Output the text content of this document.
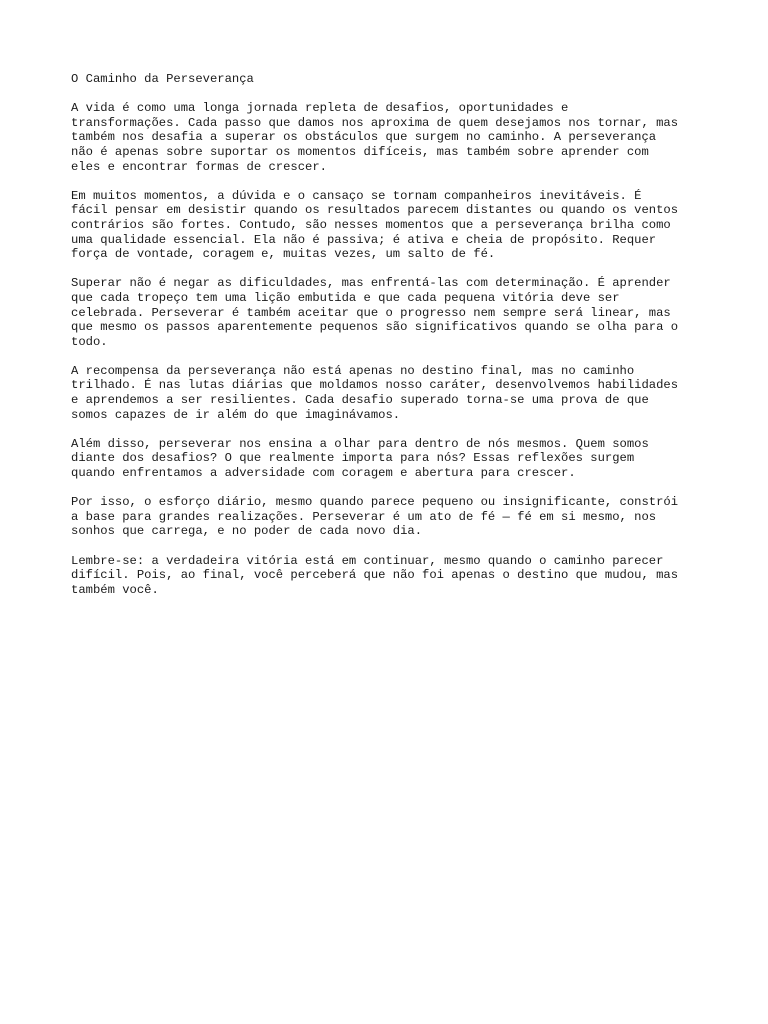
O Caminho da Perseverança
A vida é como uma longa jornada repleta de desafios, oportunidades e
transformações. Cada passo que damos nos aproxima de quem desejamos nos tornar, mas
também nos desafia a superar os obstáculos que surgem no caminho. A perseverança
não é apenas sobre suportar os momentos difíceis, mas também sobre aprender com
eles e encontrar formas de crescer.
Em muitos momentos, a dúvida e o cansaço se tornam companheiros inevitáveis. É
fácil pensar em desistir quando os resultados parecem distantes ou quando os ventos
contrários são fortes. Contudo, são nesses momentos que a perseverança brilha como
uma qualidade essencial. Ela não é passiva; é ativa e cheia de propósito. Requer
força de vontade, coragem e, muitas vezes, um salto de fé.
Superar não é negar as dificuldades, mas enfrentá-las com determinação. É aprender
que cada tropeço tem uma lição embutida e que cada pequena vitória deve ser
celebrada. Perseverar é também aceitar que o progresso nem sempre será linear, mas
que mesmo os passos aparentemente pequenos são significativos quando se olha para o
todo.
A recompensa da perseverança não está apenas no destino final, mas no caminho
trilhado. É nas lutas diárias que moldamos nosso caráter, desenvolvemos habilidades
e aprendemos a ser resilientes. Cada desafio superado torna-se uma prova de que
somos capazes de ir além do que imaginávamos.
Além disso, perseverar nos ensina a olhar para dentro de nós mesmos. Quem somos
diante dos desafios? O que realmente importa para nós? Essas reflexões surgem
quando enfrentamos a adversidade com coragem e abertura para crescer.
Por isso, o esforço diário, mesmo quando parece pequeno ou insignificante, constrói
a base para grandes realizações. Perseverar é um ato de fé — fé em si mesmo, nos
sonhos que carrega, e no poder de cada novo dia.
Lembre-se: a verdadeira vitória está em continuar, mesmo quando o caminho parecer
difícil. Pois, ao final, você perceberá que não foi apenas o destino que mudou, mas
também você.
